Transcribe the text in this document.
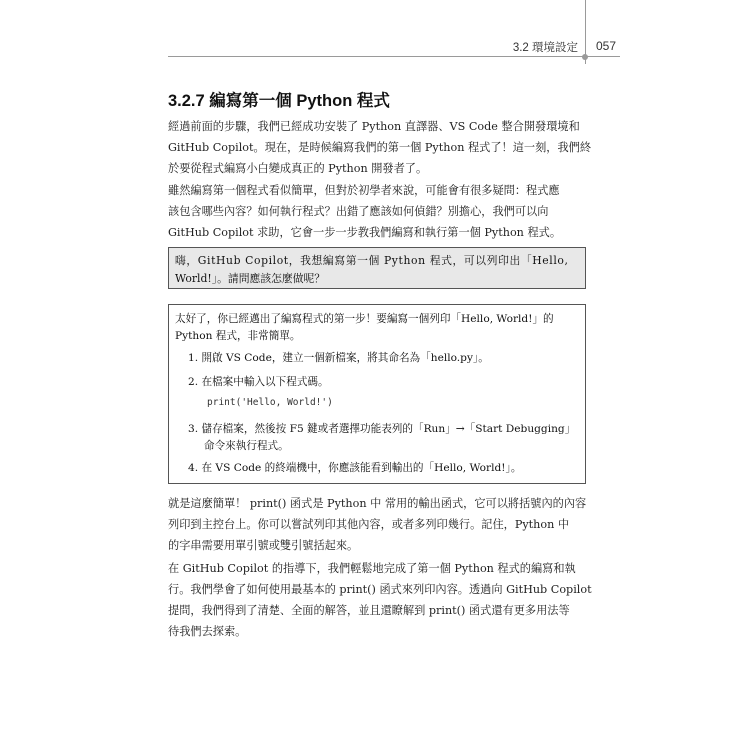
3.2 環境設定 057
3.2.7 編寫第一個 Python 程式
經過前面的步驟，我們已經成功安裝了 Python 直譯器、VS Code 整合開發環境和
GitHub Copilot。現在，是時候編寫我們的第一個 Python 程式了！這一刻，我們終
於要從程式編寫小白變成真正的 Python 開發者了。
雖然編寫第一個程式看似簡單，但對於初學者來說，可能會有很多疑問：程式應
該包含哪些內容？如何執行程式？出錯了應該如何偵錯？別擔心，我們可以向
GitHub Copilot 求助，它會一步一步教我們編寫和執行第一個 Python 程式。
嗨，GitHub Copilot，我想編寫第一個 Python 程式，可以列印出「Hello,
World!」。請問應該怎麼做呢？
太好了，你已經邁出了編寫程式的第一步！要編寫一個列印「Hello, World!」的
Python 程式，非常簡單。
1. 開啟 VS Code，建立一個新檔案，將其命名為「hello.py」。
2. 在檔案中輸入以下程式碼。
print('Hello, World!')
3. 儲存檔案，然後按 F5 鍵或者選擇功能表列的「Run」→「Start Debugging」
命令來執行程式。
4. 在 VS Code 的終端機中，你應該能看到輸出的「Hello, World!」。
就是這麼簡單！ print() 函式是 Python 中 常用的輸出函式，它可以將括號內的內容
列印到主控台上。你可以嘗試列印其他內容，或者多列印幾行。記住，Python 中
的字串需要用單引號或雙引號括起來。
在 GitHub Copilot 的指導下，我們輕鬆地完成了第一個 Python 程式的編寫和執
行。我們學會了如何使用最基本的 print() 函式來列印內容。透過向 GitHub Copilot
提問，我們得到了清楚、全面的解答，並且還瞭解到 print() 函式還有更多用法等
待我們去探索。
